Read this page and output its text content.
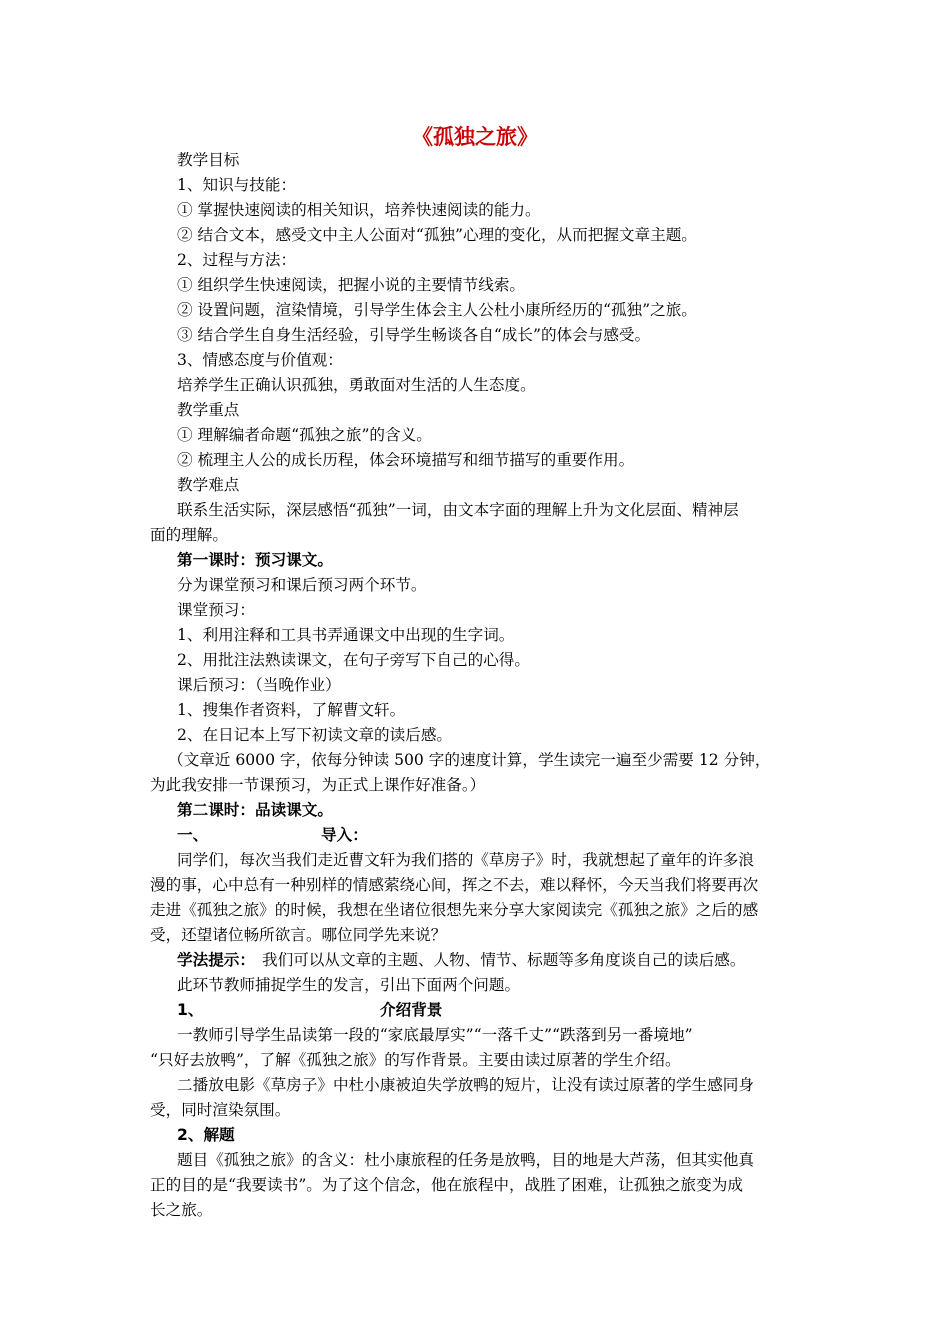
《孤独之旅》
教学目标
1、知识与技能：
① 掌握快速阅读的相关知识，培养快速阅读的能力。
② 结合文本，感受文中主人公面对“孤独”心理的变化，从而把握文章主题。
2、过程与方法：
① 组织学生快速阅读，把握小说的主要情节线索。
② 设置问题，渲染情境，引导学生体会主人公杜小康所经历的“孤独”之旅。
③ 结合学生自身生活经验，引导学生畅谈各自“成长”的体会与感受。
3、情感态度与价值观：
培养学生正确认识孤独，勇敢面对生活的人生态度。
教学重点
① 理解编者命题“孤独之旅”的含义。
② 梳理主人公的成长历程，体会环境描写和细节描写的重要作用。
教学难点
联系生活实际，深层感悟“孤独”一词，由文本字面的理解上升为文化层面、精神层
面的理解。
第一课时：预习课文。
分为课堂预习和课后预习两个环节。
课堂预习：
1、利用注释和工具书弄通课文中出现的生字词。
2、用批注法熟读课文，在句子旁写下自己的心得。
课后预习：（当晚作业）
1、搜集作者资料，了解曹文轩。
2、在日记本上写下初读文章的读后感。
（文章近 6000 字，依每分钟读 500 字的速度计算，学生读完一遍至少需要 12 分钟，
为此我安排一节课预习，为正式上课作好准备。）
第二课时：品读课文。
一、	导入：
同学们，每次当我们走近曹文轩为我们搭的《草房子》时，我就想起了童年的许多浪
漫的事，心中总有一种别样的情感萦绕心间，挥之不去，难以释怀，今天当我们将要再次
走进《孤独之旅》的时候，我想在坐诸位很想先来分享大家阅读完《孤独之旅》之后的感
受，还望诸位畅所欲言。哪位同学先来说？
学法提示： 我们可以从文章的主题、人物、情节、标题等多角度谈自己的读后感。
此环节教师捕捉学生的发言，引出下面两个问题。
1、	介绍背景
一教师引导学生品读第一段的“家底最厚实”“一落千丈”“跌落到另一番境地”
“只好去放鸭”，了解《孤独之旅》的写作背景。主要由读过原著的学生介绍。
二播放电影《草房子》中杜小康被迫失学放鸭的短片，让没有读过原著的学生感同身
受，同时渲染氛围。
2、解题
题目《孤独之旅》的含义：杜小康旅程的任务是放鸭，目的地是大芦荡，但其实他真
正的目的是“我要读书”。为了这个信念，他在旅程中，战胜了困难，让孤独之旅变为成
长之旅。
